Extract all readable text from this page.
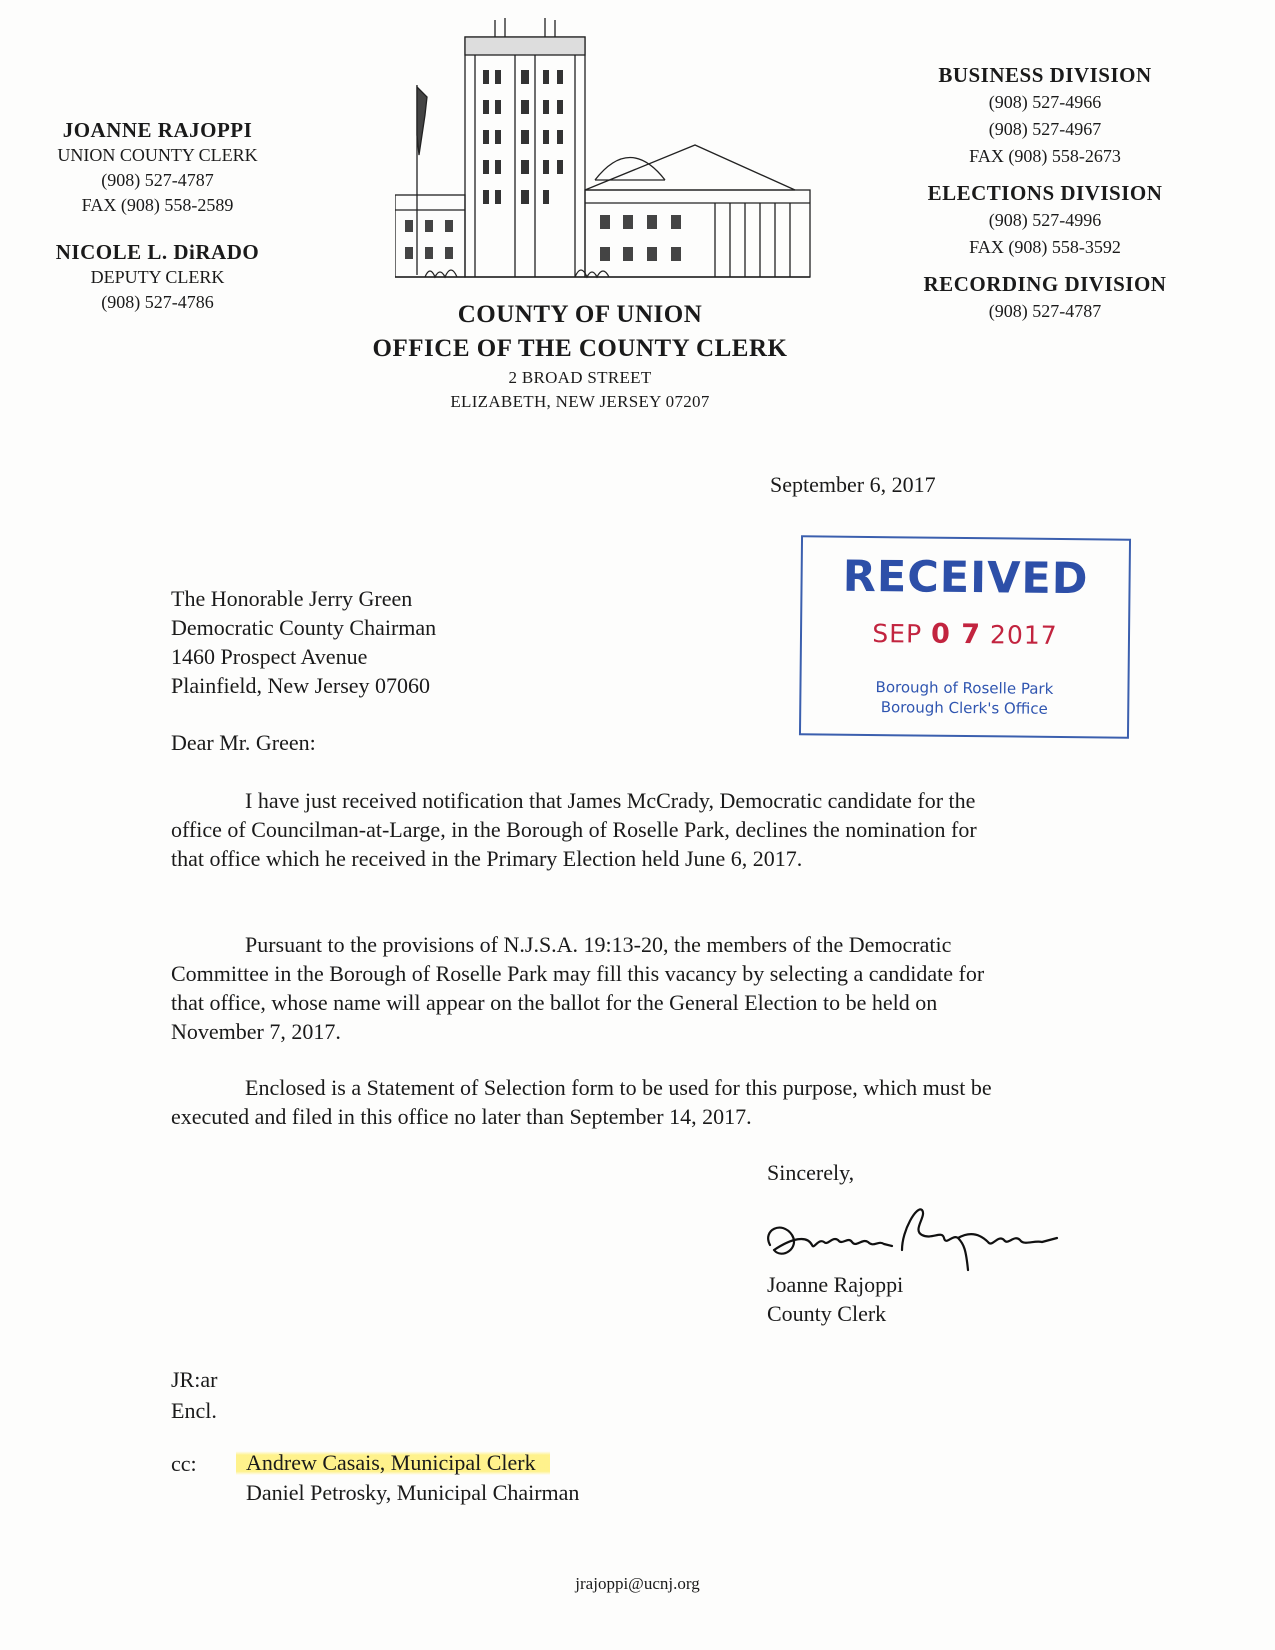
JOANNE RAJOPPI
UNION COUNTY CLERK
(908) 527-4787
FAX (908) 558-2589
NICOLE L. DiRADO
DEPUTY CLERK
(908) 527-4786	COUNTY OF UNION
OFFICE OF THE COUNTY CLERK
2 BROAD STREET
ELIZABETH, NEW JERSEY 07207
BUSINESS DIVISION
(908) 527-4966
(908) 527-4967
FAX (908) 558-2673
ELECTIONS DIVISION
(908) 527-4996
FAX (908) 558-3592
RECORDING DIVISION
(908) 527-4787
September 6, 2017
RECEIVED
SEP 0 7 2017
Borough of Roselle Park
Borough Clerk's Office
The Honorable Jerry Green
Democratic County Chairman
1460 Prospect Avenue
Plainfield, New Jersey 07060
Dear Mr. Green:
I have just received notification that James McCrady, Democratic candidate for the office of Councilman-at-Large, in the Borough of Roselle Park, declines the nomination for that office which he received in the Primary Election held June 6, 2017.
Pursuant to the provisions of N.J.S.A. 19:13-20, the members of the Democratic Committee in the Borough of Roselle Park may fill this vacancy by selecting a candidate for that office, whose name will appear on the ballot for the General Election to be held on November 7, 2017.
Enclosed is a Statement of Selection form to be used for this purpose, which must be executed and filed in this office no later than September 14, 2017.
Sincerely,
Joanne Rajoppi
County Clerk
JR:ar
Encl.
cc: Andrew Casais, Municipal Clerk
Daniel Petrosky, Municipal Chairman
jrajoppi@ucnj.org
